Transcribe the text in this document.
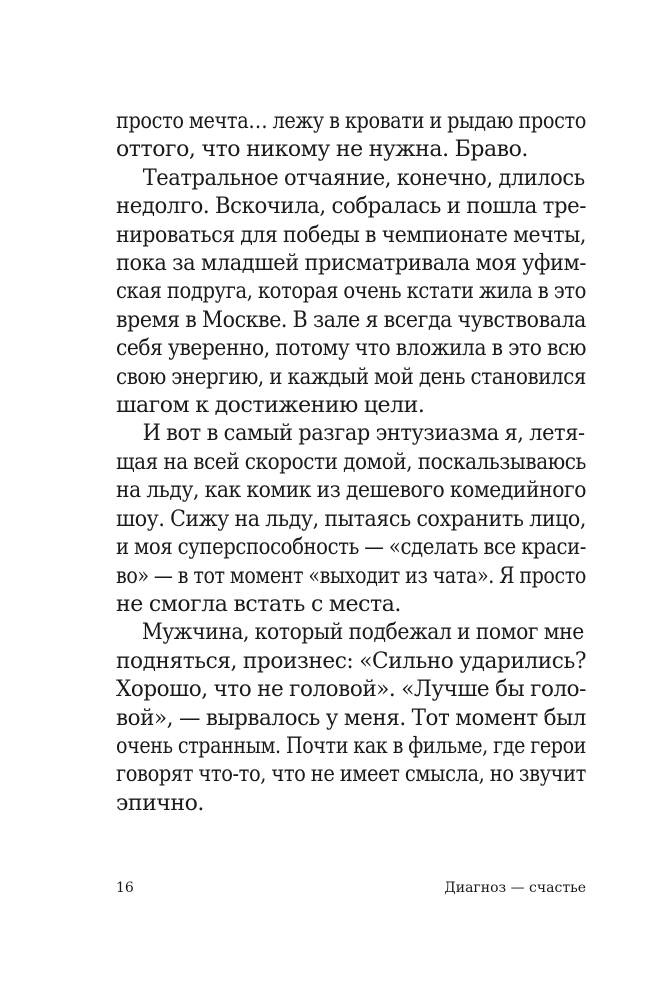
просто мечта… лежу в кровати и рыдаю просто
оттого, что никому не нужна. Браво.
Театральное отчаяние, конечно, длилось
недолго. Вскочила, собралась и пошла тре-
нироваться для победы в чемпионате мечты,
пока за младшей присматривала моя уфим-
ская подруга, которая очень кстати жила в это
время в Москве. В зале я всегда чувствовала
себя уверенно, потому что вложила в это всю
свою энергию, и каждый мой день становился
шагом к достижению цели.
И вот в самый разгар энтузиазма я, летя-
щая на всей скорости домой, поскальзываюсь
на льду, как комик из дешевого комедийного
шоу. Сижу на льду, пытаясь сохранить лицо,
и моя суперспособность — «сделать все краси-
во» — в тот момент «выходит из чата». Я просто
не смогла встать с места.
Мужчина, который подбежал и помог мне
подняться, произнес: «Сильно ударились?
Хорошо, что не головой». «Лучше бы голо-
вой», — вырвалось у меня. Тот момент был
очень странным. Почти как в фильме, где герои
говорят что-то, что не имеет смысла, но звучит
эпично.
16	Диагноз — счастье
